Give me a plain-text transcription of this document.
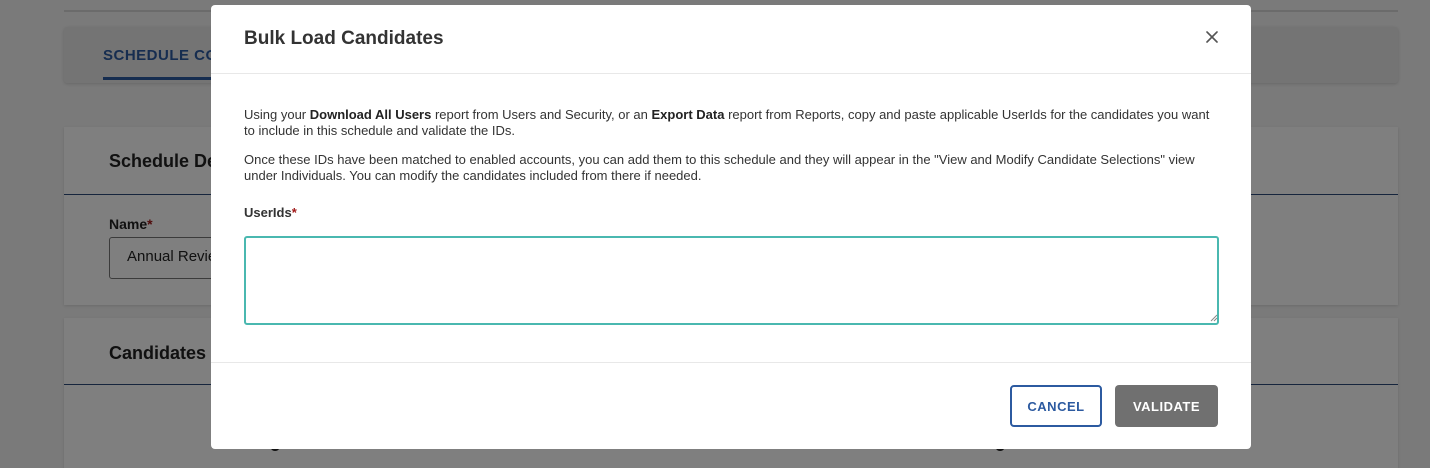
Bulk Load Candidates

Using your Download All Users report from Users and Security, or an Export Data report from Reports, copy and paste applicable UserIds for the candidates you want to include in this schedule and validate the IDs.

Once these IDs have been matched to enabled accounts, you can add them to this schedule and they will appear in the "View and Modify Candidate Selections" view under Individuals. You can modify the candidates included from there if needed.

UserIds*
CANCEL	VALIDATE
